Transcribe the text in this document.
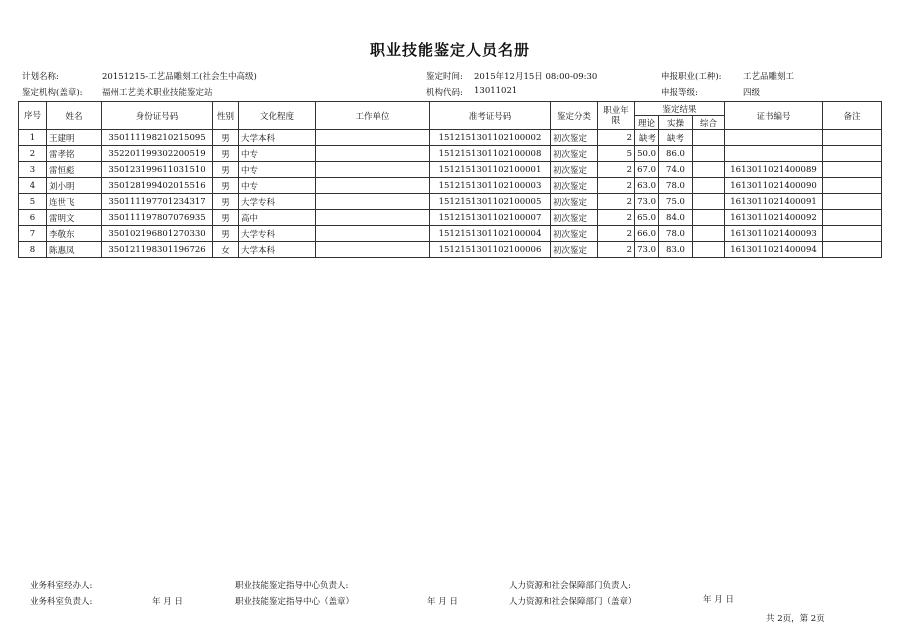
职业技能鉴定人员名册
计划名称:	20151215-工艺品雕刻工(社会生中高级)	鉴定时间: 2015年12月15日 08:00-09:30	申报职业(工种):	工艺品雕刻工
鉴定机构(盖章): 福州工艺美术职业技能鉴定站	机构代码: 13011021	申报等级:	四级
序号	姓名	身份证号码	性别	文化程度	工作单位	准考证号码	鉴定分类	职业年限	鉴定结果			证书编号	备注
									理论	实操	综合		
1	王建明	350111198210215095	男	大学本科		1512151301102100002	初次鉴定	2	缺考	缺考			
2	雷孝铭	352201199302200519	男	中专		1512151301102100008	初次鉴定	5	50.0	86.0			
3	雷恒彪	350123199611031510	男	中专		1512151301102100001	初次鉴定	2	67.0	74.0		1613011021400089	
4	刘小明	350128199402015516	男	中专		1512151301102100003	初次鉴定	2	63.0	78.0		1613011021400090	
5	连世飞	350111197701234317	男	大学专科		1512151301102100005	初次鉴定	2	73.0	75.0		1613011021400091	
6	雷明文	350111197807076935	男	高中		1512151301102100007	初次鉴定	2	65.0	84.0		1613011021400092	
7	李敬东	350102196801270330	男	大学专科		1512151301102100004	初次鉴定	2	66.0	78.0		1613011021400093	
8	陈惠凤	350121198301196726	女	大学本科		1512151301102100006	初次鉴定	2	73.0	83.0		1613011021400094	
业务科室经办人:	职业技能鉴定指导中心负责人:	人力资源和社会保障部门负责人:
业务科室负责人:	年 月 日	职业技能鉴定指导中心（盖章）	年 月 日	人力资源和社会保障部门（盖章）	年 月 日
共 2页，第 2页
